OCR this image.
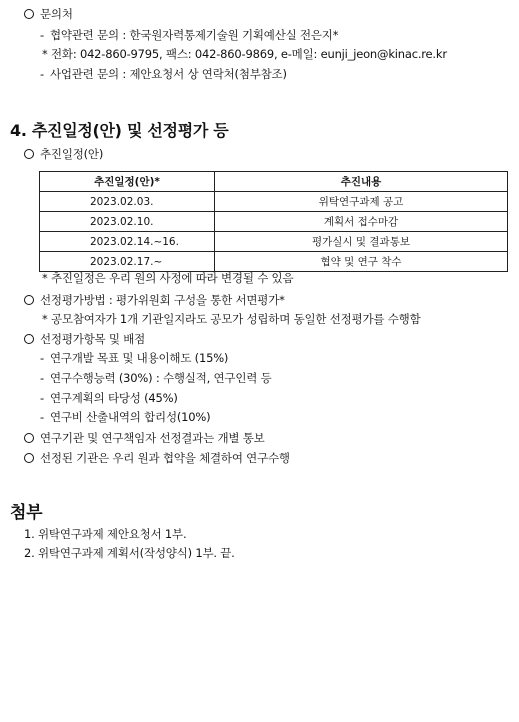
문의처
- 협약관련 문의 : 한국원자력통제기술원 기획예산실 전은지*
* 전화: 042-860-9795, 팩스: 042-860-9869, e-메일: eunji_jeon@kinac.re.kr
- 사업관련 문의 : 제안요청서 상 연락처(첨부참조)
4. 추진일정(안) 및 선정평가 등
추진일정(안)
추진일정(안)*	추진내용
2023.02.03.	위탁연구과제 공고
2023.02.10.	계획서 접수마감
2023.02.14.~16.	평가실시 및 결과통보
2023.02.17.~	협약 및 연구 착수
* 추진일정은 우리 원의 사정에 따라 변경될 수 있음
선정평가방법 : 평가위원회 구성을 통한 서면평가*
* 공모참여자가 1개 기관일지라도 공모가 성립하며 동일한 선정평가를 수행함
선정평가항목 및 배점
- 연구개발 목표 및 내용이해도 (15%)
- 연구수행능력 (30%) : 수행실적, 연구인력 등
- 연구계획의 타당성 (45%)
- 연구비 산출내역의 합리성(10%)
연구기관 및 연구책임자 선정결과는 개별 통보
선정된 기관은 우리 원과 협약을 체결하여 연구수행
첨부
1. 위탁연구과제 제안요청서 1부.
2. 위탁연구과제 계획서(작성양식) 1부. 끝.
